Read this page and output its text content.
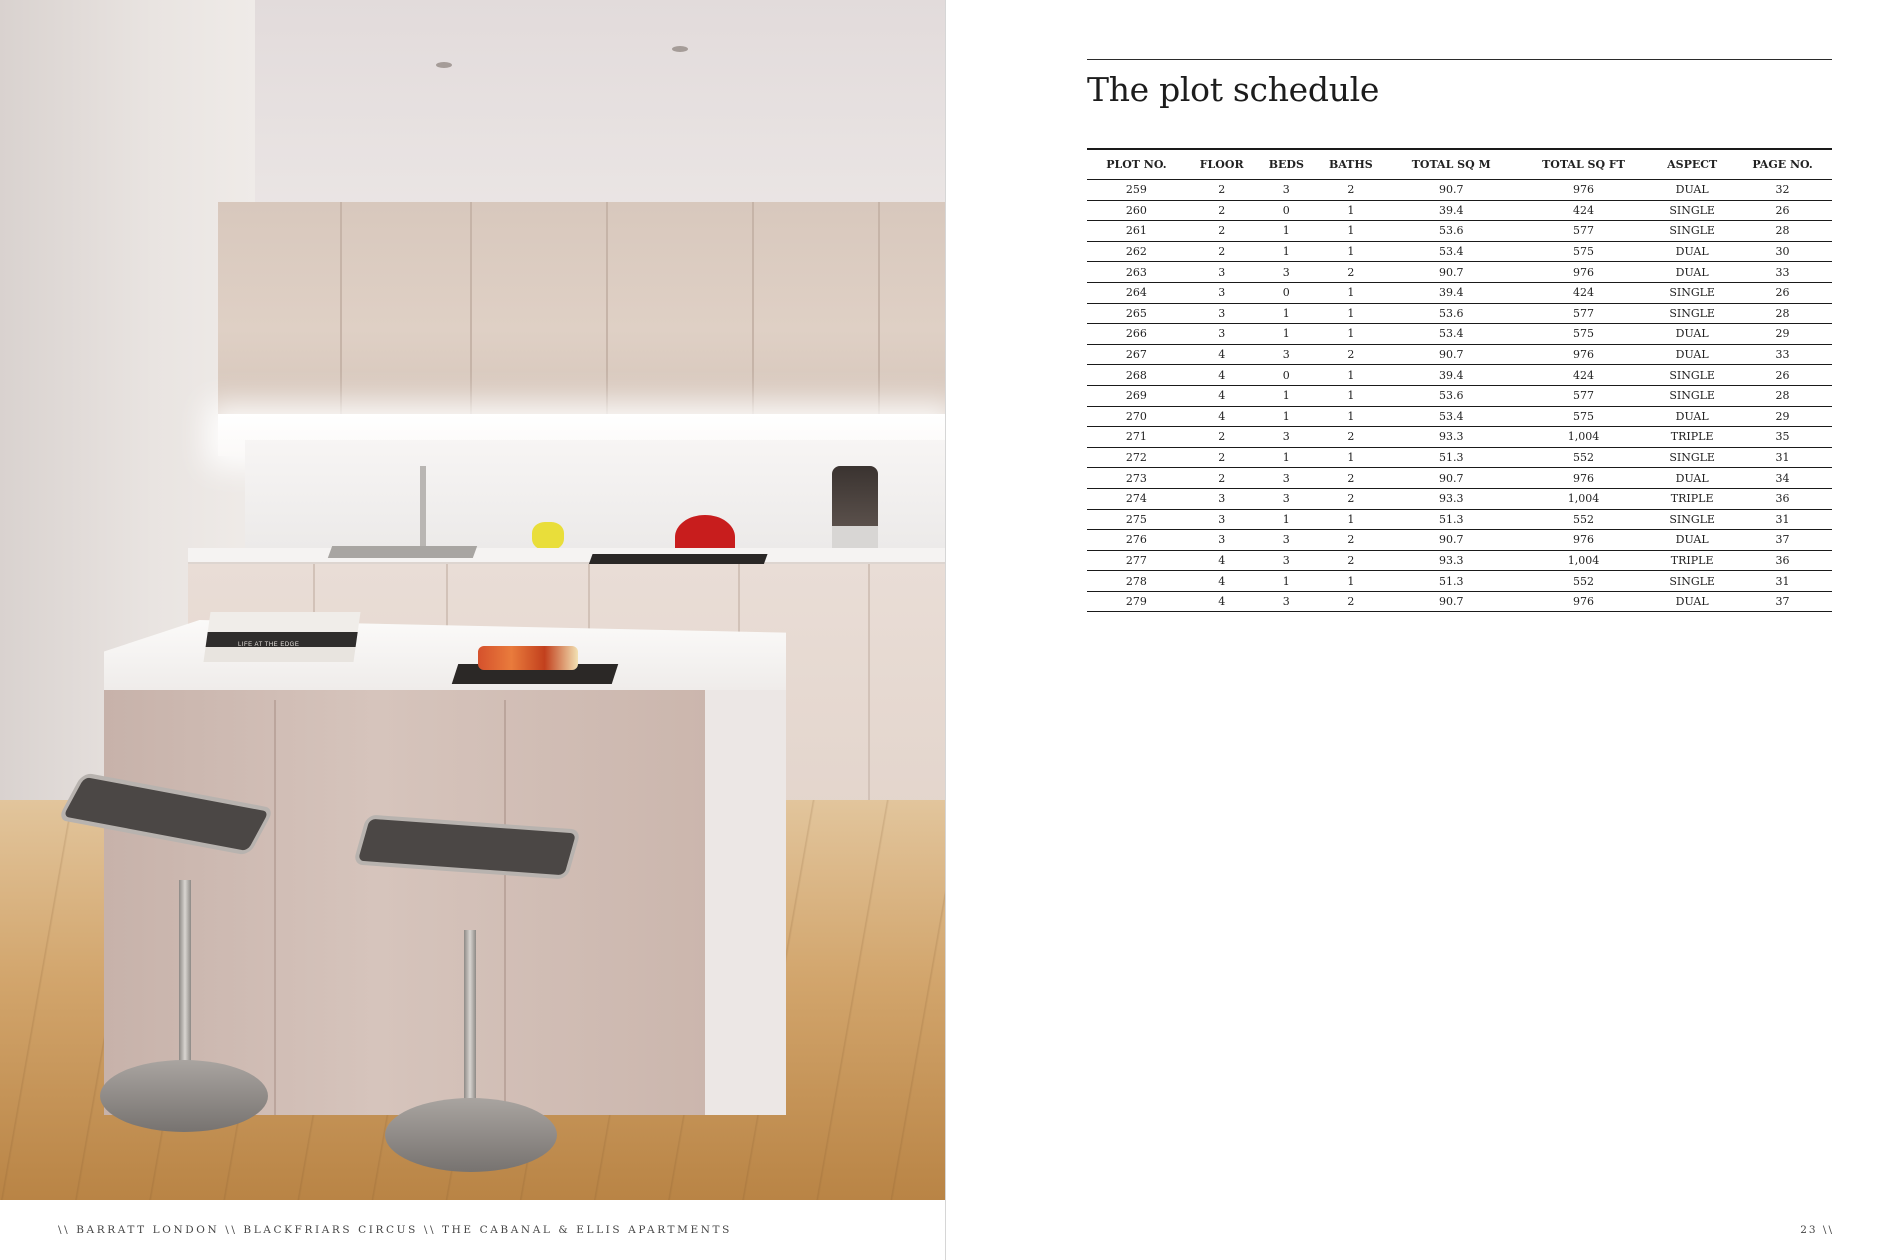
LIFE AT THE EDGE
\\ BARRATT LONDON \\ BLACKFRIARS CIRCUS \\ THE CABANAL & ELLIS APARTMENTS
The plot schedule
PLOT NO.	FLOOR	BEDS	BATHS	TOTAL SQ M	TOTAL SQ FT	ASPECT	PAGE NO.
259	2	3	2	90.7	976	DUAL	32
260	2	0	1	39.4	424	SINGLE	26
261	2	1	1	53.6	577	SINGLE	28
262	2	1	1	53.4	575	DUAL	30
263	3	3	2	90.7	976	DUAL	33
264	3	0	1	39.4	424	SINGLE	26
265	3	1	1	53.6	577	SINGLE	28
266	3	1	1	53.4	575	DUAL	29
267	4	3	2	90.7	976	DUAL	33
268	4	0	1	39.4	424	SINGLE	26
269	4	1	1	53.6	577	SINGLE	28
270	4	1	1	53.4	575	DUAL	29
271	2	3	2	93.3	1,004	TRIPLE	35
272	2	1	1	51.3	552	SINGLE	31
273	2	3	2	90.7	976	DUAL	34
274	3	3	2	93.3	1,004	TRIPLE	36
275	3	1	1	51.3	552	SINGLE	31
276	3	3	2	90.7	976	DUAL	37
277	4	3	2	93.3	1,004	TRIPLE	36
278	4	1	1	51.3	552	SINGLE	31
279	4	3	2	90.7	976	DUAL	37
23 \\
